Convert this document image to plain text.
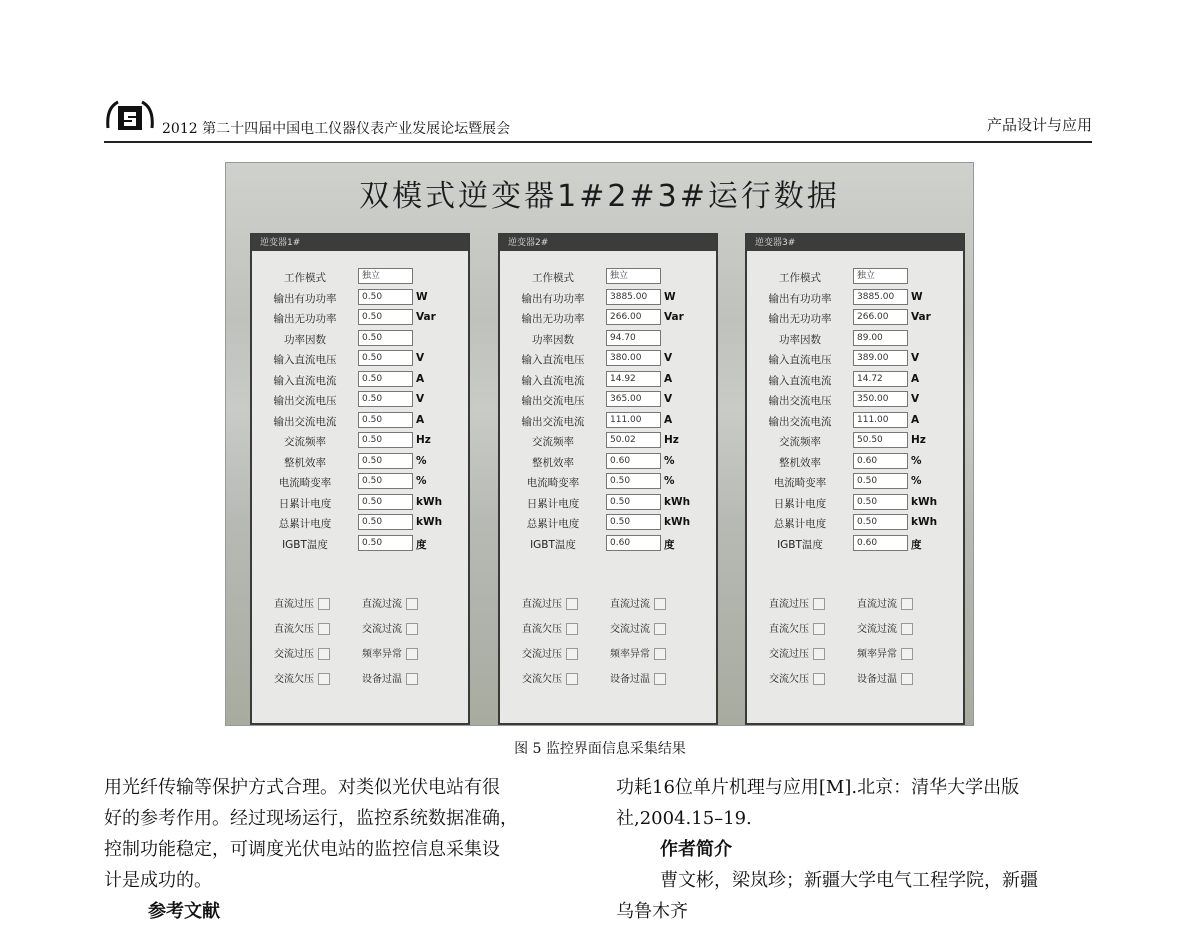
2012 第二十四届中国电工仪器仪表产业发展论坛暨展会	产品设计与应用
双模式逆变器1#2#3#运行数据
逆变器1#
工作模式	独立
输出有功功率	0.50	W
输出无功功率	0.50	Var
功率因数	0.50
输入直流电压	0.50	V
输入直流电流	0.50	A
输出交流电压	0.50	V
输出交流电流	0.50	A
交流频率	0.50	Hz
整机效率	0.50	%
电流畸变率	0.50	%
日累计电度	0.50	kWh
总累计电度	0.50	kWh
IGBT温度	0.50	度
直流过压	直流过流
直流欠压	交流过流
交流过压	频率异常
交流欠压	设备过温
逆变器2#
工作模式	独立
输出有功功率	3885.00	W
输出无功功率	266.00	Var
功率因数	94.70
输入直流电压	380.00	V
输入直流电流	14.92	A
输出交流电压	365.00	V
输出交流电流	111.00	A
交流频率	50.02	Hz
整机效率	0.60	%
电流畸变率	0.50	%
日累计电度	0.50	kWh
总累计电度	0.50	kWh
IGBT温度	0.60	度
直流过压	直流过流
直流欠压	交流过流
交流过压	频率异常
交流欠压	设备过温
逆变器3#
工作模式	独立
输出有功功率	3885.00	W
输出无功功率	266.00	Var
功率因数	89.00
输入直流电压	389.00	V
输入直流电流	14.72	A
输出交流电压	350.00	V
输出交流电流	111.00	A
交流频率	50.50	Hz
整机效率	0.60	%
电流畸变率	0.50	%
日累计电度	0.50	kWh
总累计电度	0.50	kWh
IGBT温度	0.60	度
直流过压	直流过流
直流欠压	交流过流
交流过压	频率异常
交流欠压	设备过温
图 5 监控界面信息采集结果

用光纤传输等保护方式合理。对类似光伏电站有很

好的参考作用。经过现场运行，监控系统数据准确，

控制功能稳定，可调度光伏电站的监控信息采集设

计是成功的。

参考文献

功耗16位单片机理与应用[M].北京：清华大学出版

社,2004.15–19.

作者简介

曹文彬，梁岚珍；新疆大学电气工程学院，新疆

乌鲁木齐
